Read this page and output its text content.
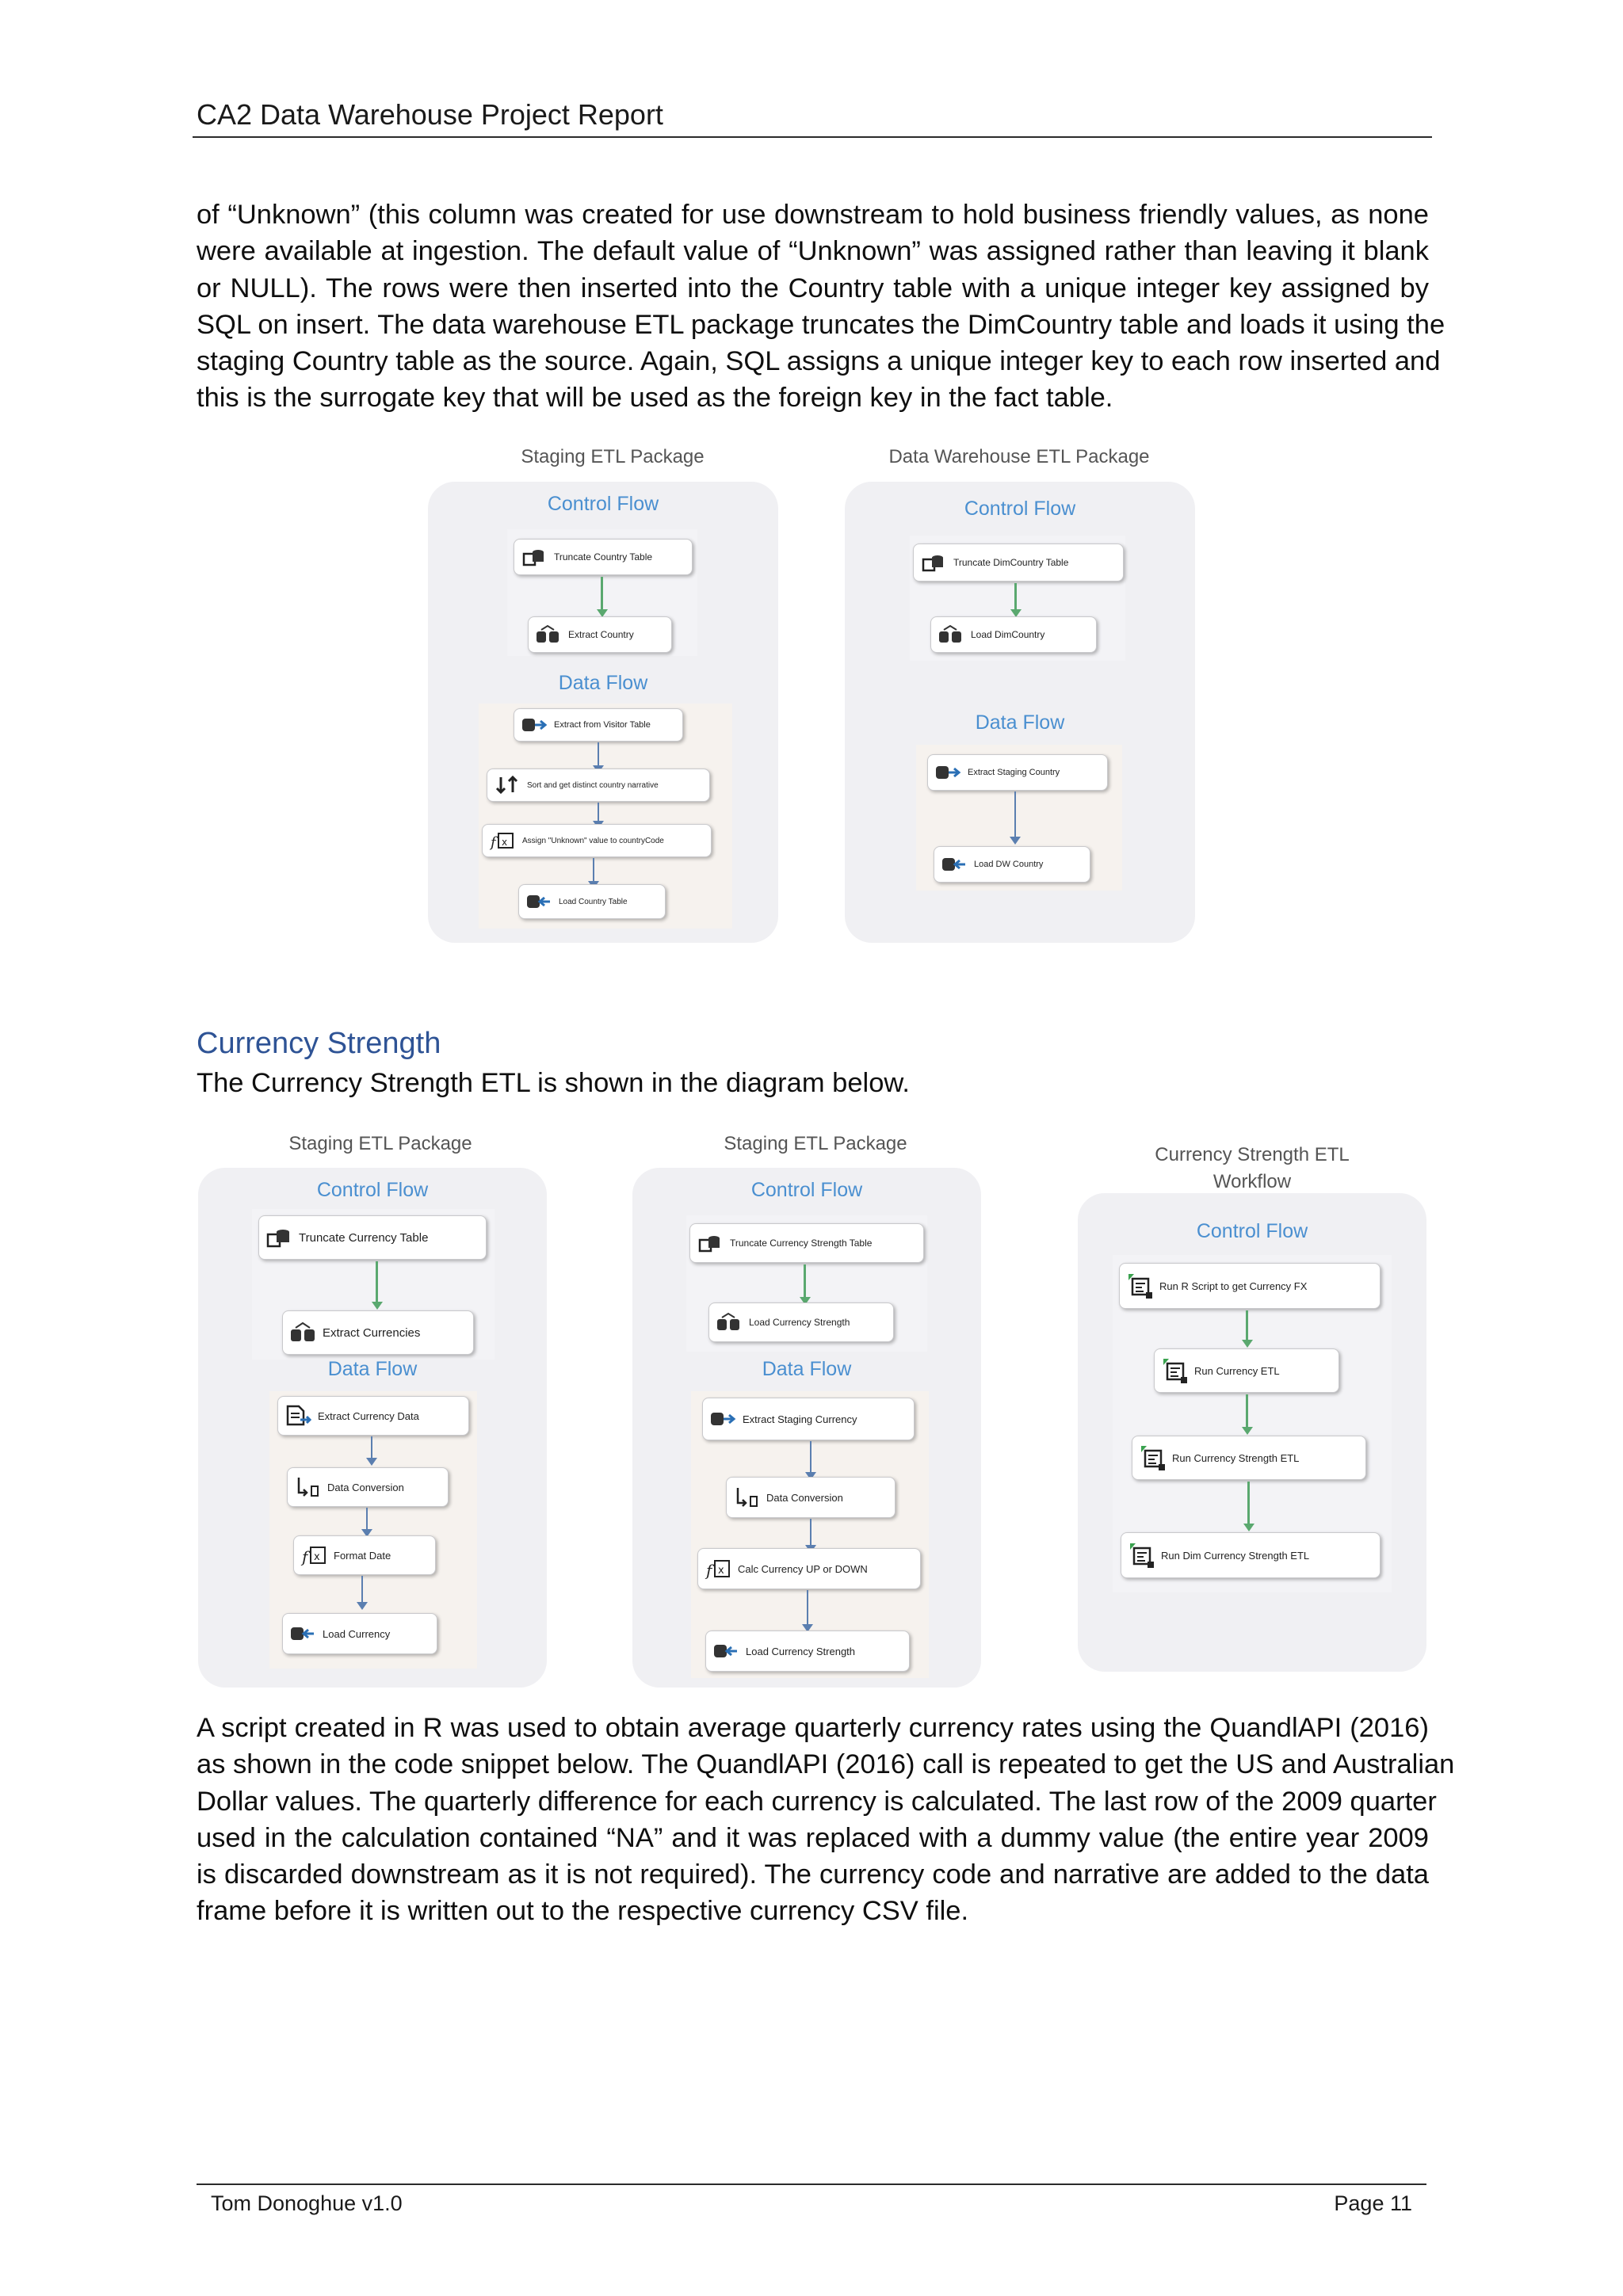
CA2 Data Warehouse Project Report
of “Unknown” (this column was created for use downstream to hold business friendly values, as none
were available at ingestion. The default value of “Unknown” was assigned rather than leaving it blank
or NULL). The rows were then inserted into the Country table with a unique integer key assigned by
SQL on insert. The data warehouse ETL package truncates the DimCountry table and loads it using the
staging Country table as the source. Again, SQL assigns a unique integer key to each row inserted and
this is the surrogate key that will be used as the foreign key in the fact table.
Staging ETL Package
Control Flow
Truncate Country Table
Extract Country
Data Flow
Extract from Visitor Table
Sort and get distinct country narrative
f x Assign "Unknown" value to countryCode
Load Country Table
Data Warehouse ETL Package
Control Flow
Truncate DimCountry Table
Load DimCountry
Data Flow
Extract Staging Country
Load DW Country
Currency Strength
The Currency Strength ETL is shown in the diagram below.
Staging ETL Package
Control Flow
Truncate Currency Table
Extract Currencies
Data Flow
Extract Currency Data
Data Conversion
f x Format Date
Load Currency
Staging ETL Package
Control Flow
Truncate Currency Strength Table
Load Currency Strength
Data Flow
Extract Staging Currency
Data Conversion
f x Calc Currency UP or DOWN
Load Currency Strength
Currency Strength ETL
Workflow
Control Flow
Run R Script to get Currency FX
Run Currency ETL
Run Currency Strength ETL
Run Dim Currency Strength ETL
A script created in R was used to obtain average quarterly currency rates using the QuandlAPI (2016)
as shown in the code snippet below. The QuandlAPI (2016) call is repeated to get the US and Australian
Dollar values. The quarterly difference for each currency is calculated. The last row of the 2009 quarter
used in the calculation contained “NA” and it was replaced with a dummy value (the entire year 2009
is discarded downstream as it is not required). The currency code and narrative are added to the data
frame before it is written out to the respective currency CSV file.
Tom Donoghue v1.0	Page 11
